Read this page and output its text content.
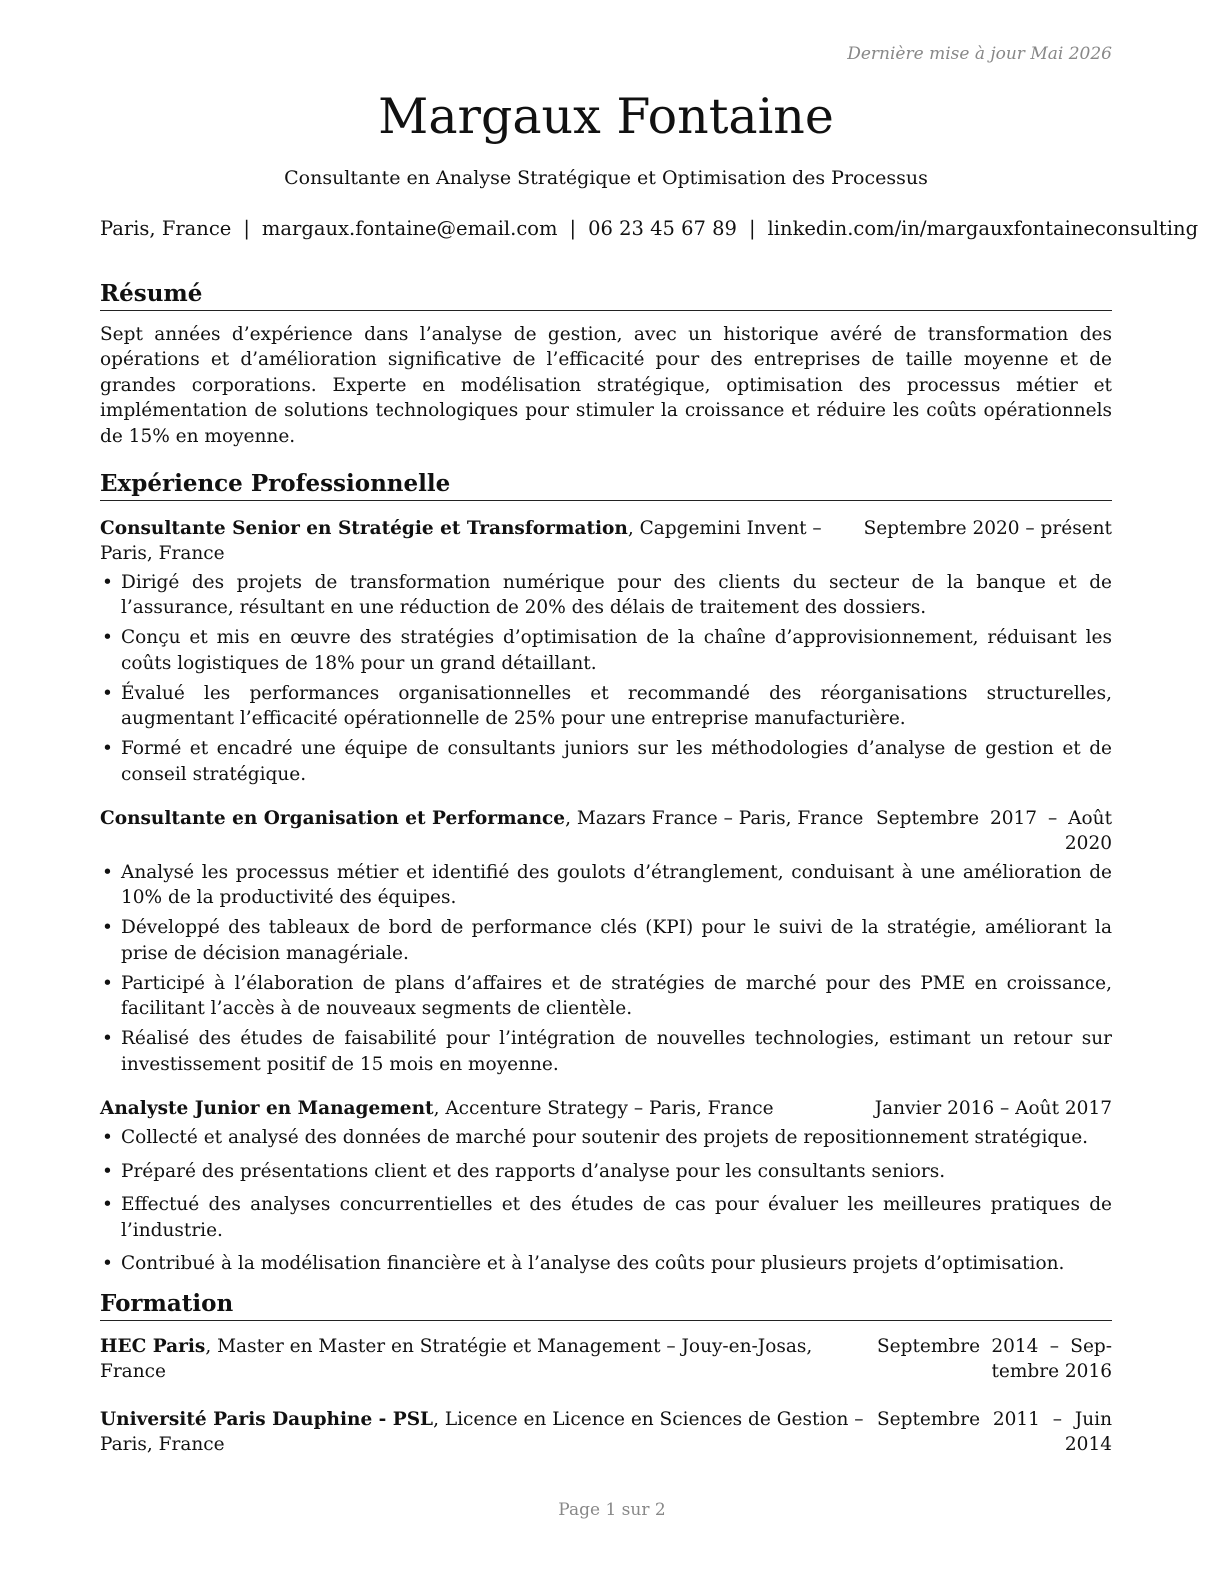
Dernière mise à jour Mai 2026
Margaux Fontaine
Consultante en Analyse Stratégique et Optimisation des Processus
Paris, France | margaux.fontaine@email.com | 06 23 45 67 89 | linkedin.com/in/margauxfontaineconsulting
Résumé
Sept années d’expérience dans l’analyse de gestion, avec un historique avéré de transformation des opérations et d’amélioration significative de l’efficacité pour des entreprises de taille moyenne et de grandes corporations. Experte en modélisation stratégique, optimisation des processus métier et implémentation de solutions technologiques pour stimuler la croissance et réduire les coûts opérationnels de 15% en moyenne.
Expérience Professionnelle
Consultante Senior en Stratégie et Transformation, Capgemini Invent – Paris, France
Septembre 2020 – présent
• Dirigé des projets de transformation numérique pour des clients du secteur de la banque et de l’assurance, résultant en une réduction de 20% des délais de traitement des dossiers.
• Conçu et mis en œuvre des stratégies d’optimisation de la chaîne d’approvisionnement, réduisant les coûts logistiques de 18% pour un grand détaillant.
• Évalué les performances organisationnelles et recommandé des réorganisations structurelles, augmentant l’efficacité opérationnelle de 25% pour une entreprise manufacturière.
• Formé et encadré une équipe de consultants juniors sur les méthodologies d’analyse de gestion et de conseil stratégique.
Consultante en Organisation et Performance, Mazars France – Paris, France Septembre 2017 – Août 2020
• Analysé les processus métier et identifié des goulots d’étranglement, conduisant à une amélioration de 10% de la productivité des équipes.
• Développé des tableaux de bord de performance clés (KPI) pour le suivi de la stratégie, améliorant la prise de décision managériale.
• Participé à l’élaboration de plans d’affaires et de stratégies de marché pour des PME en croissance, facilitant l’accès à de nouveaux segments de clientèle.
• Réalisé des études de faisabilité pour l’intégration de nouvelles technologies, estimant un retour sur investissement positif de 15 mois en moyenne.
Analyste Junior en Management, Accenture Strategy – Paris, France	Janvier 2016 – Août 2017
• Collecté et analysé des données de marché pour soutenir des projets de repositionnement stratégique.
• Préparé des présentations client et des rapports d’analyse pour les consultants seniors.
• Effectué des analyses concurrentielles et des études de cas pour évaluer les meilleures pratiques de l’industrie.
• Contribué à la modélisation financière et à l’analyse des coûts pour plusieurs projets d’optimisation.
Formation
HEC Paris, Master en Master en Stratégie et Management – Jouy-en-Josas, France
Septembre 2014 – Sep-tembre 2016
Université Paris Dauphine - PSL, Licence en Licence en Sciences de Gestion – Paris, France
Septembre 2011 – Juin 2014
Page 1 sur 2
